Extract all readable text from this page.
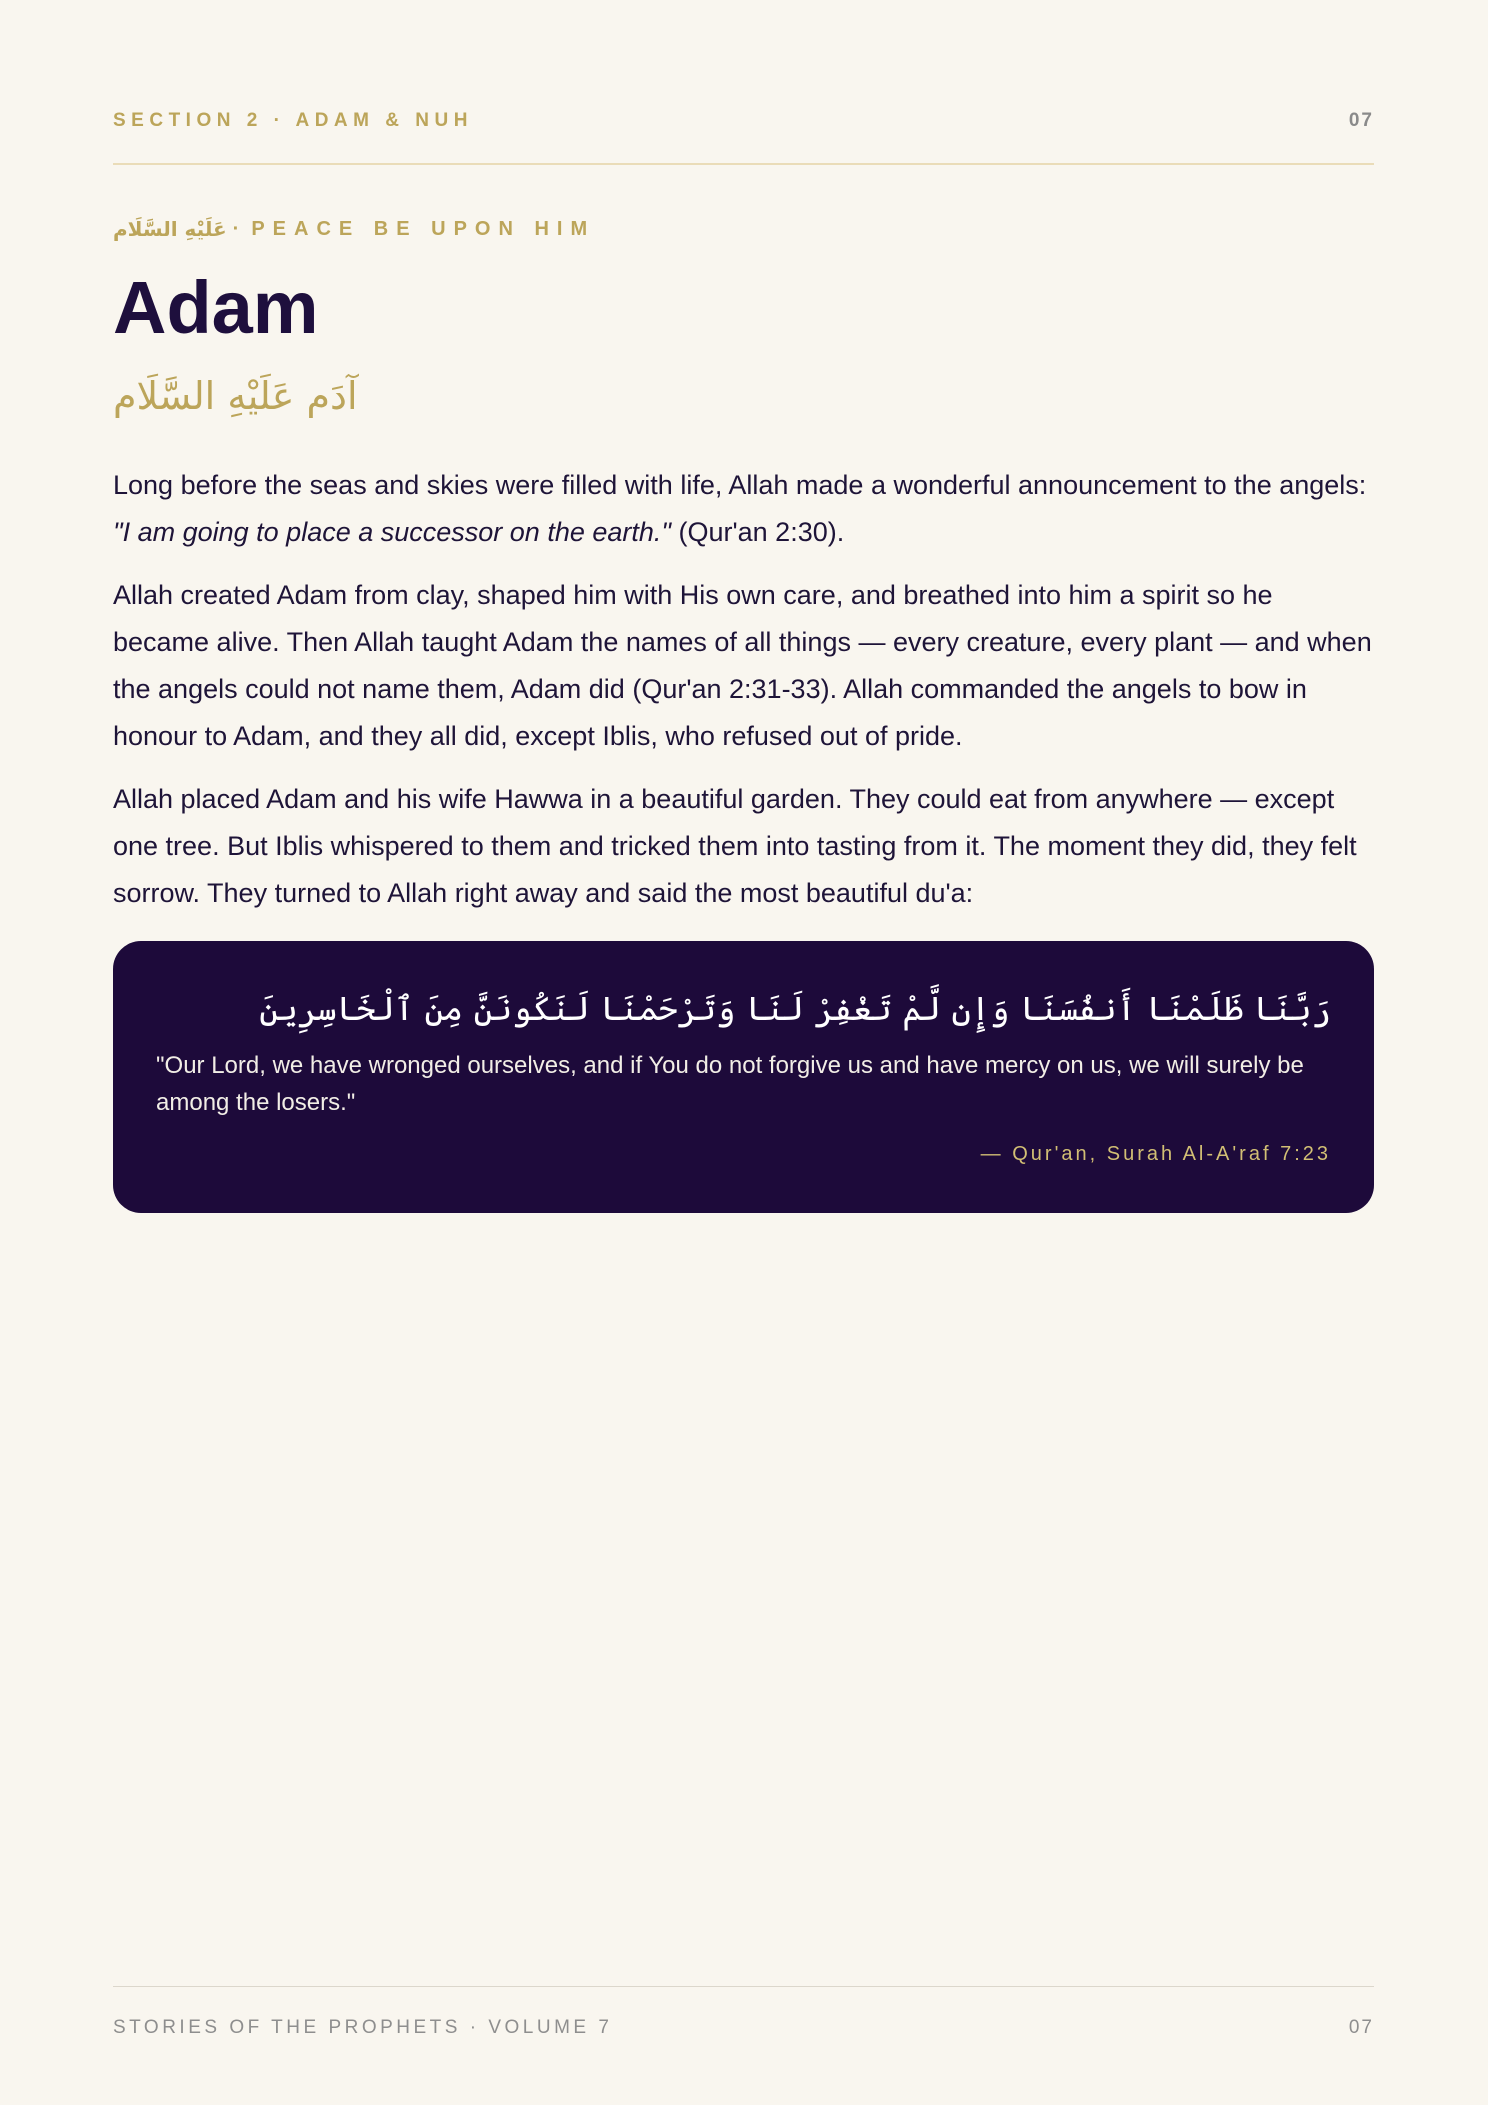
SECTION 2 · ADAM & NUH	07
عَلَيْهِ السَّلَام · PEACE BE UPON HIM
Adam
آدَم عَلَيْهِ السَّلَام

Long before the seas and skies were filled with life, Allah made a wonderful announcement to the angels: "I am going to place a successor on the earth." (Qur'an 2:30).

Allah created Adam from clay, shaped him with His own care, and breathed into him a spirit so he became alive. Then Allah taught Adam the names of all things — every creature, every plant — and when the angels could not name them, Adam did (Qur'an 2:31-33). Allah commanded the angels to bow in honour to Adam, and they all did, except Iblis, who refused out of pride.

Allah placed Adam and his wife Hawwa in a beautiful garden. They could eat from anywhere — except one tree. But Iblis whispered to them and tricked them into tasting from it. The moment they did, they felt sorrow. They turned to Allah right away and said the most beautiful du'a:

رَبَّنَا ظَلَمْنَا أَنفُسَنَا وَإِن لَّمْ تَغْفِرْ لَنَا وَتَرْحَمْنَا لَنَكُونَنَّ مِنَ ٱلْخَاسِرِينَ
"Our Lord, we have wronged ourselves, and if You do not forgive us and have mercy on us, we will surely be among the losers."
— Qur'an, Surah Al-A'raf 7:23
STORIES OF THE PROPHETS · VOLUME 7	07
